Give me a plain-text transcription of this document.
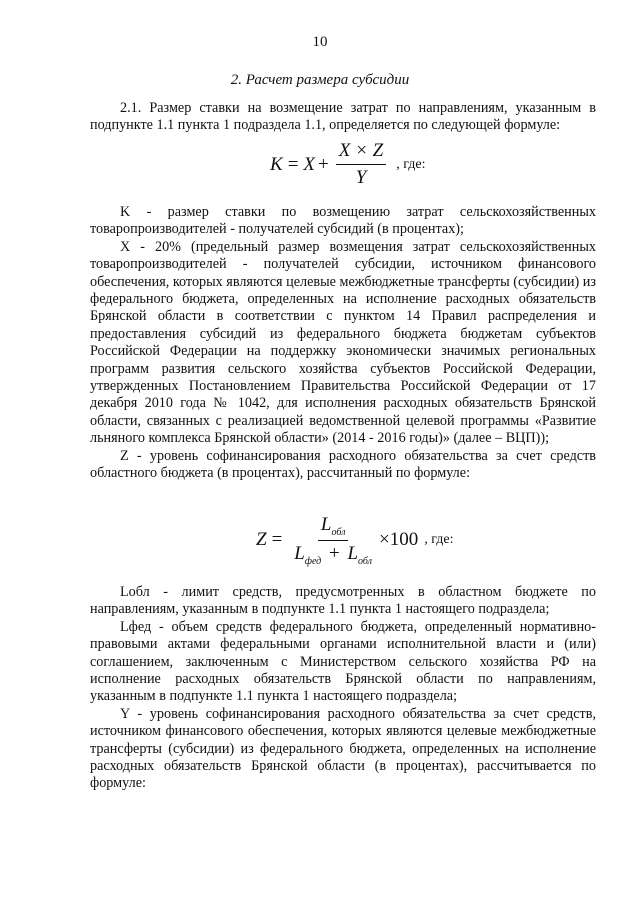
10
2. Расчет размера субсидии

2.1. Размер ставки на возмещение затрат по направлениям, указанным в подпункте 1.1 пункта 1 подраздела 1.1, определяется по следующей формуле:

$K = X + \frac{X \times Z}{Y}$ , где:

K - размер ставки по возмещению затрат сельскохозяйственных товаропроизводителей - получателей субсидий (в процентах);

X - 20% (предельный размер возмещения затрат сельскохозяйственных товаропроизводителей - получателей субсидии, источником финансового обеспечения, которых являются целевые межбюджетные трансферты (субсидии) из федерального бюджета, определенных на исполнение расходных обязательств Брянской области в соответствии с пунктом 14 Правил распределения и предоставления субсидий из федерального бюджета бюджетам субъектов Российской Федерации на поддержку экономически значимых региональных программ развития сельского хозяйства субъектов Российской Федерации, утвержденных Постановлением Правительства Российской Федерации от 17 декабря 2010 года № 1042, для исполнения расходных обязательств Брянской области, связанных с реализацией ведомственной целевой программы «Развитие льняного комплекса Брянской области» (2014 - 2016 годы)» (далее – ВЦП));

Z - уровень софинансирования расходного обязательства за счет средств областного бюджета (в процентах), рассчитанный по формуле:

$Z = \frac{L_{обл}}{L_{фед} + L_{обл}} \times 100$ , где:

Lобл - лимит средств, предусмотренных в областном бюджете по направлениям, указанным в подпункте 1.1 пункта 1 настоящего подраздела;

Lфед - объем средств федерального бюджета, определенный нормативно-правовыми актами федеральными органами исполнительной власти и (или) соглашением, заключенным с Министерством сельского хозяйства РФ на исполнение расходных обязательств Брянской области по направлениям, указанным в подпункте 1.1 пункта 1 настоящего подраздела;

Y - уровень софинансирования расходного обязательства за счет средств, источником финансового обеспечения, которых являются целевые межбюджетные трансферты (субсидии) из федерального бюджета, определенных на исполнение расходных обязательств Брянской области (в процентах), рассчитывается по формуле:
